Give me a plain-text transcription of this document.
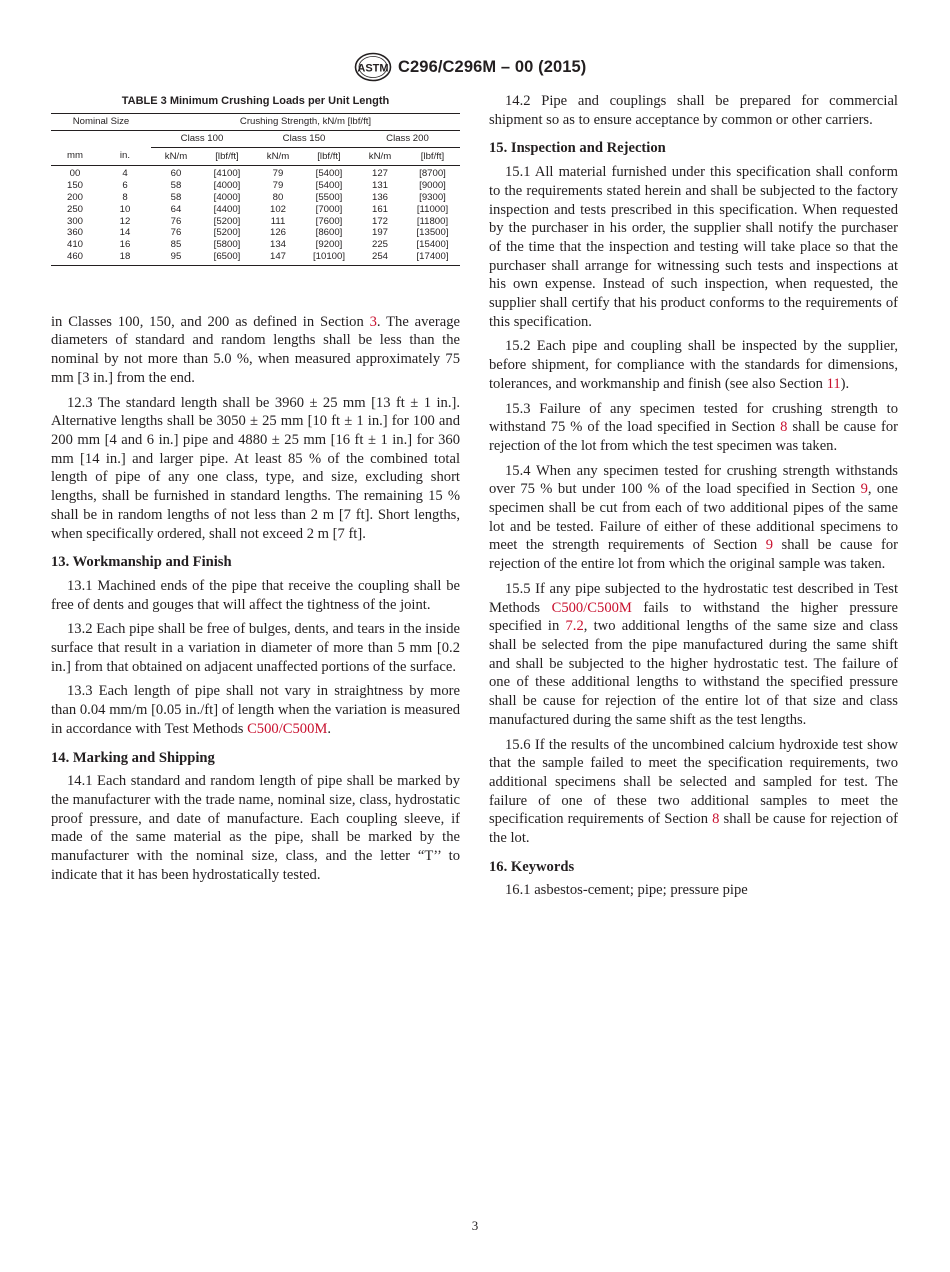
ASTM C296/C296M – 00 (2015)
TABLE 3 Minimum Crushing Loads per Unit Length
Nominal Size		Crushing Strength, kN/m [lbf/ft]					
		Class 100		Class 150		Class 200	
mm	in.	kN/m	[lbf/ft]	kN/m	[lbf/ft]	kN/m	[lbf/ft]
00	4	60	[4100]	79	[5400]	127	[8700]
150	6	58	[4000]	79	[5400]	131	[9000]
200	8	58	[4000]	80	[5500]	136	[9300]
250	10	64	[4400]	102	[7000]	161	[11000]
300	12	76	[5200]	111	[7600]	172	[11800]
360	14	76	[5200]	126	[8600]	197	[13500]
410	16	85	[5800]	134	[9200]	225	[15400]
460	18	95	[6500]	147	[10100]	254	[17400]

in Classes 100, 150, and 200 as defined in Section 3. The average diameters of standard and random lengths shall be less than the nominal by not more than 5.0 %, when measured approximately 75 mm [3 in.] from the end.

12.3 The standard length shall be 3960 ± 25 mm [13 ft ± 1 in.]. Alternative lengths shall be 3050 ± 25 mm [10 ft ± 1 in.] for 100 and 200 mm [4 and 6 in.] pipe and 4880 ± 25 mm [16 ft ± 1 in.] for 360 mm [14 in.] and larger pipe. At least 85 % of the combined total length of pipe of any one class, type, and size, excluding short lengths, shall be furnished in standard lengths. The remaining 15 % shall be in random lengths of not less than 2 m [7 ft]. Short lengths, when specifically ordered, shall not exceed 2 m [7 ft].

13. Workmanship and Finish

13.1 Machined ends of the pipe that receive the coupling shall be free of dents and gouges that will affect the tightness of the joint.

13.2 Each pipe shall be free of bulges, dents, and tears in the inside surface that result in a variation in diameter of more than 5 mm [0.2 in.] from that obtained on adjacent unaffected portions of the surface.

13.3 Each length of pipe shall not vary in straightness by more than 0.04 mm/m [0.05 in./ft] of length when the variation is measured in accordance with Test Methods C500/C500M.

14. Marking and Shipping

14.1 Each standard and random length of pipe shall be marked by the manufacturer with the trade name, nominal size, class, hydrostatic proof pressure, and date of manufacture. Each coupling sleeve, if made of the same material as the pipe, shall be marked by the manufacturer with the nominal size, class, and the letter “T’’ to indicate that it has been hydrostatically tested.

14.2 Pipe and couplings shall be prepared for commercial shipment so as to ensure acceptance by common or other carriers.

15. Inspection and Rejection

15.1 All material furnished under this specification shall conform to the requirements stated herein and shall be subjected to the factory inspection and tests prescribed in this specification. When requested by the purchaser in his order, the supplier shall notify the purchaser of the time that the inspection and testing will take place so that the purchaser shall arrange for witnessing such tests and inspections at his own expense. Instead of such inspection, when requested, the supplier shall certify that his product conforms to the requirements of this specification.

15.2 Each pipe and coupling shall be inspected by the supplier, before shipment, for compliance with the standards for dimensions, tolerances, and workmanship and finish (see also Section 11).

15.3 Failure of any specimen tested for crushing strength to withstand 75 % of the load specified in Section 8 shall be cause for rejection of the lot from which the test specimen was taken.

15.4 When any specimen tested for crushing strength withstands over 75 % but under 100 % of the load specified in Section 9, one specimen shall be cut from each of two additional pipes of the same lot and be tested. Failure of either of these additional specimens to meet the strength requirements of Section 9 shall be cause for rejection of the entire lot from which the original sample was taken.

15.5 If any pipe subjected to the hydrostatic test described in Test Methods C500/C500M fails to withstand the higher pressure specified in 7.2, two additional lengths of the same size and class shall be selected from the pipe manufactured during the same shift and shall be subjected to the higher hydrostatic test. The failure of one of these additional lengths to withstand the specified pressure shall be cause for rejection of the entire lot of that size and class manufactured during the same shift as the test lengths.

15.6 If the results of the uncombined calcium hydroxide test show that the sample failed to meet the specification requirements, two additional specimens shall be selected and sampled for test. The failure of one of these two additional samples to meet the specification requirements of Section 8 shall be cause for rejection of the lot.

16. Keywords

16.1 asbestos-cement; pipe; pressure pipe

3
